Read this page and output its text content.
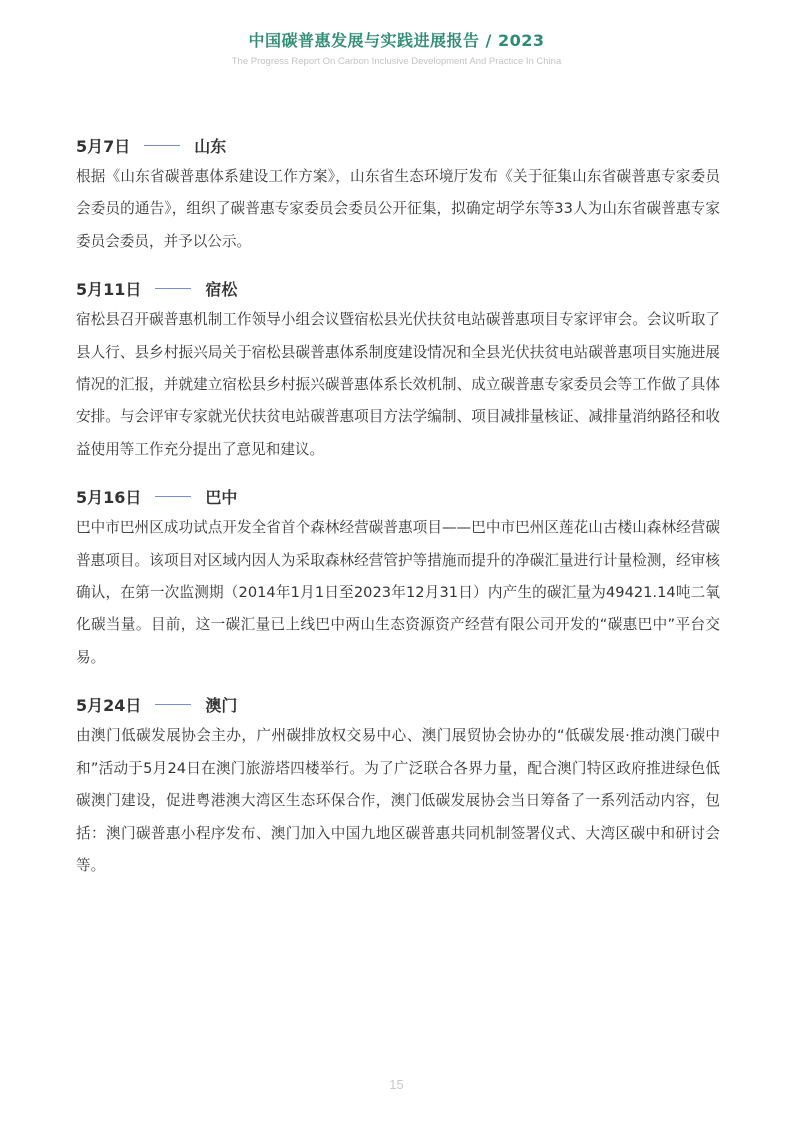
中国碳普惠发展与实践进展报告 / 2023
The Progress Report On Carbon Inclusive Development And Practice In China
5月7日	山东
根据《山东省碳普惠体系建设工作方案》，山东省生态环境厅发布《关于征集山东省碳普惠专家委员会委员的通告》，组织了碳普惠专家委员会委员公开征集，拟确定胡学东等33人为山东省碳普惠专家委员会委员，并予以公示。
5月11日	宿松
宿松县召开碳普惠机制工作领导小组会议暨宿松县光伏扶贫电站碳普惠项目专家评审会。会议听取了县人行、县乡村振兴局关于宿松县碳普惠体系制度建设情况和全县光伏扶贫电站碳普惠项目实施进展情况的汇报，并就建立宿松县乡村振兴碳普惠体系长效机制、成立碳普惠专家委员会等工作做了具体安排。与会评审专家就光伏扶贫电站碳普惠项目方法学编制、项目减排量核证、减排量消纳路径和收益使用等工作充分提出了意见和建议。
5月16日	巴中
巴中市巴州区成功试点开发全省首个森林经营碳普惠项目——巴中市巴州区莲花山古楼山森林经营碳普惠项目。该项目对区域内因人为采取森林经营管护等措施而提升的净碳汇量进行计量检测，经审核确认，在第一次监测期（2014年1月1日至2023年12月31日）内产生的碳汇量为49421.14吨二氧化碳当量。目前，这一碳汇量已上线巴中两山生态资源资产经营有限公司开发的“碳惠巴中”平台交易。
5月24日	澳门
由澳门低碳发展协会主办，广州碳排放权交易中心、澳门展贸协会协办的“低碳发展·推动澳门碳中和”活动于5月24日在澳门旅游塔四楼举行。为了广泛联合各界力量，配合澳门特区政府推进绿色低碳澳门建设，促进粤港澳大湾区生态环保合作，澳门低碳发展协会当日筹备了一系列活动内容，包括：澳门碳普惠小程序发布、澳门加入中国九地区碳普惠共同机制签署仪式、大湾区碳中和研讨会等。
15
